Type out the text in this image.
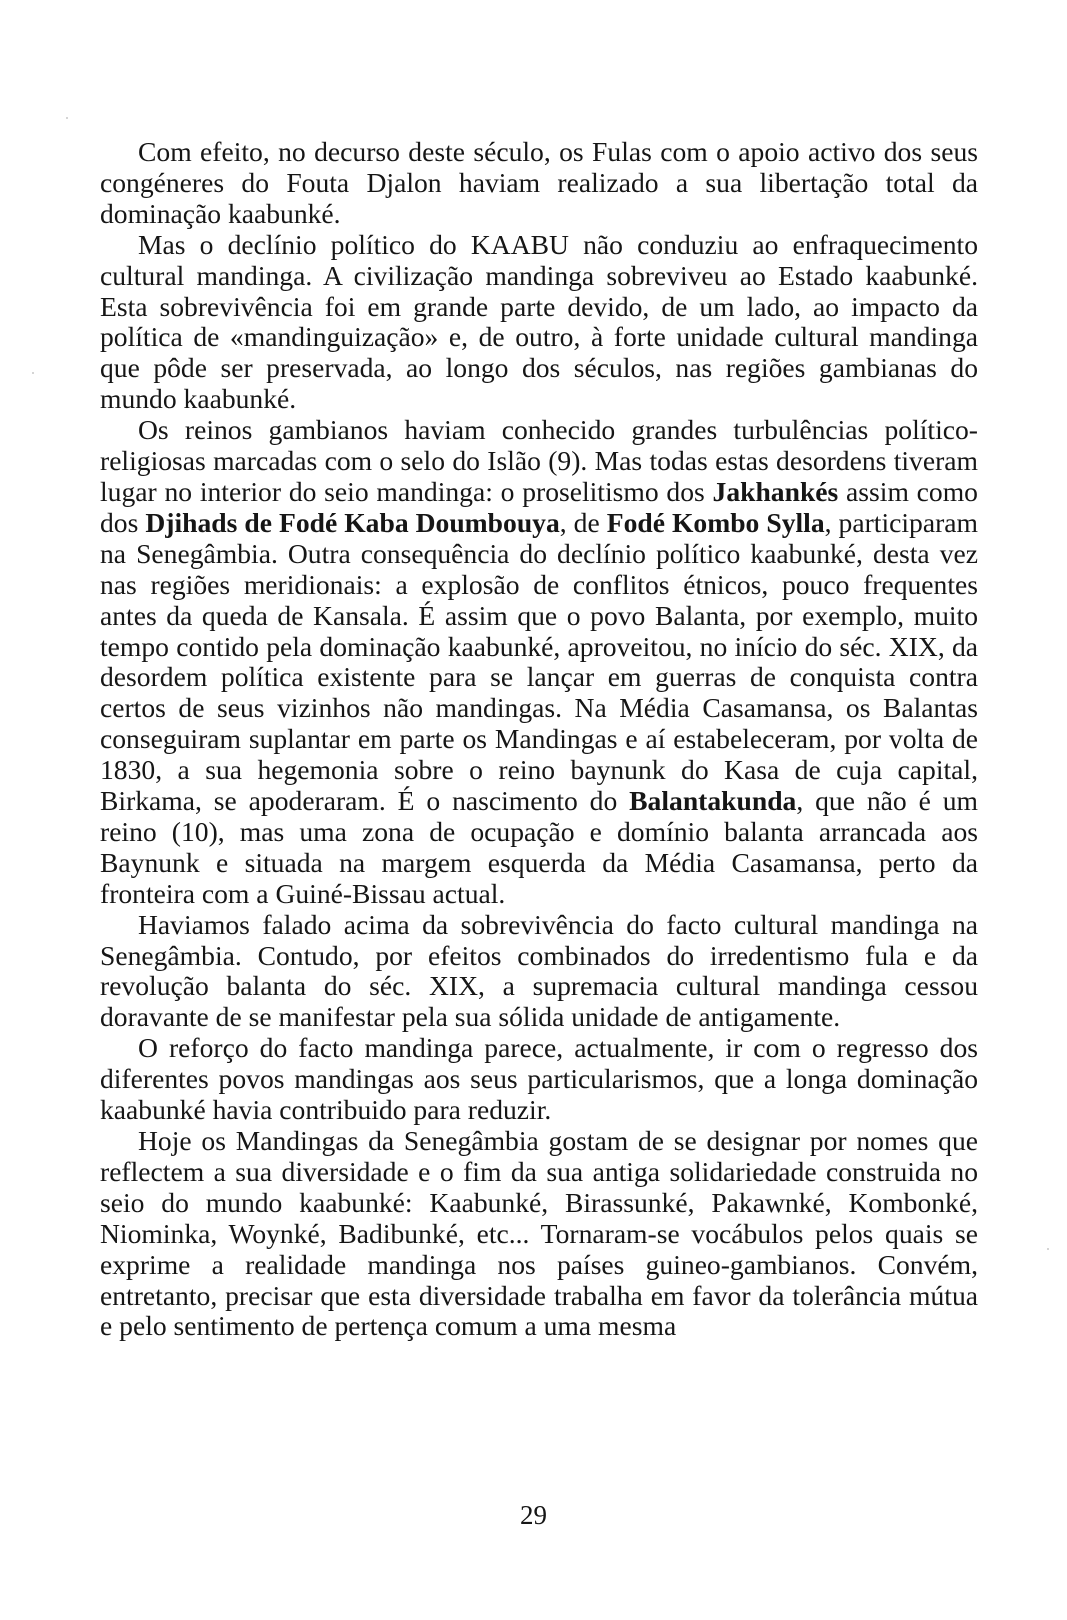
Com efeito, no decurso deste século, os Fulas com o apoio activo dos seus congéneres do Fouta Djalon haviam realizado a sua libertação total da dominação kaabunké.

Mas o declínio político do KAABU não conduziu ao enfraquecimento cultural mandinga. A civilização mandinga sobreviveu ao Estado kaabunké. Esta sobrevivência foi em grande parte devido, de um lado, ao impacto da política de «mandinguização» e, de outro, à forte unidade cultural mandinga que pôde ser preservada, ao longo dos séculos, nas regiões gambianas do mundo kaabunké.

Os reinos gambianos haviam conhecido grandes turbulências político-religiosas marcadas com o selo do Islão (9). Mas todas estas desordens tiveram lugar no interior do seio mandinga: o proselitismo dos Jakhankés assim como dos Djihads de Fodé Kaba Doumbouya, de Fodé Kombo Sylla, participaram na Senegâmbia. Outra consequência do declínio político kaabunké, desta vez nas regiões meridionais: a explosão de conflitos étnicos, pouco frequentes antes da queda de Kansala. É assim que o povo Balanta, por exemplo, muito tempo contido pela dominação kaabunké, aproveitou, no início do séc. XIX, da desordem política existente para se lançar em guerras de conquista contra certos de seus vizinhos não mandingas. Na Média Casamansa, os Balantas conseguiram suplantar em parte os Mandingas e aí estabeleceram, por volta de 1830, a sua hegemonia sobre o reino baynunk do Kasa de cuja capital, Birkama, se apoderaram. É o nascimento do Balantakunda, que não é um reino (10), mas uma zona de ocupação e domínio balanta arrancada aos Baynunk e situada na margem esquerda da Média Casamansa, perto da fronteira com a Guiné-Bissau actual.

Haviamos falado acima da sobrevivência do facto cultural mandinga na Senegâmbia. Contudo, por efeitos combinados do irredentismo fula e da revolução balanta do séc. XIX, a supremacia cultural mandinga cessou doravante de se manifestar pela sua sólida unidade de antigamente.

O reforço do facto mandinga parece, actualmente, ir com o regresso dos diferentes povos mandingas aos seus particularismos, que a longa dominação kaabunké havia contribuido para reduzir.

Hoje os Mandingas da Senegâmbia gostam de se designar por nomes que reflectem a sua diversidade e o fim da sua antiga solidariedade construida no seio do mundo kaabunké: Kaabunké, Birassunké, Pakawnké, Kombonké, Niominka, Woynké, Badibunké, etc... Tornaram-se vocábulos pelos quais se exprime a realidade mandinga nos países guineo-gambianos. Convém, entretanto, precisar que esta diversidade trabalha em favor da tolerância mútua e pelo sentimento de pertença comum a uma mesma

29
